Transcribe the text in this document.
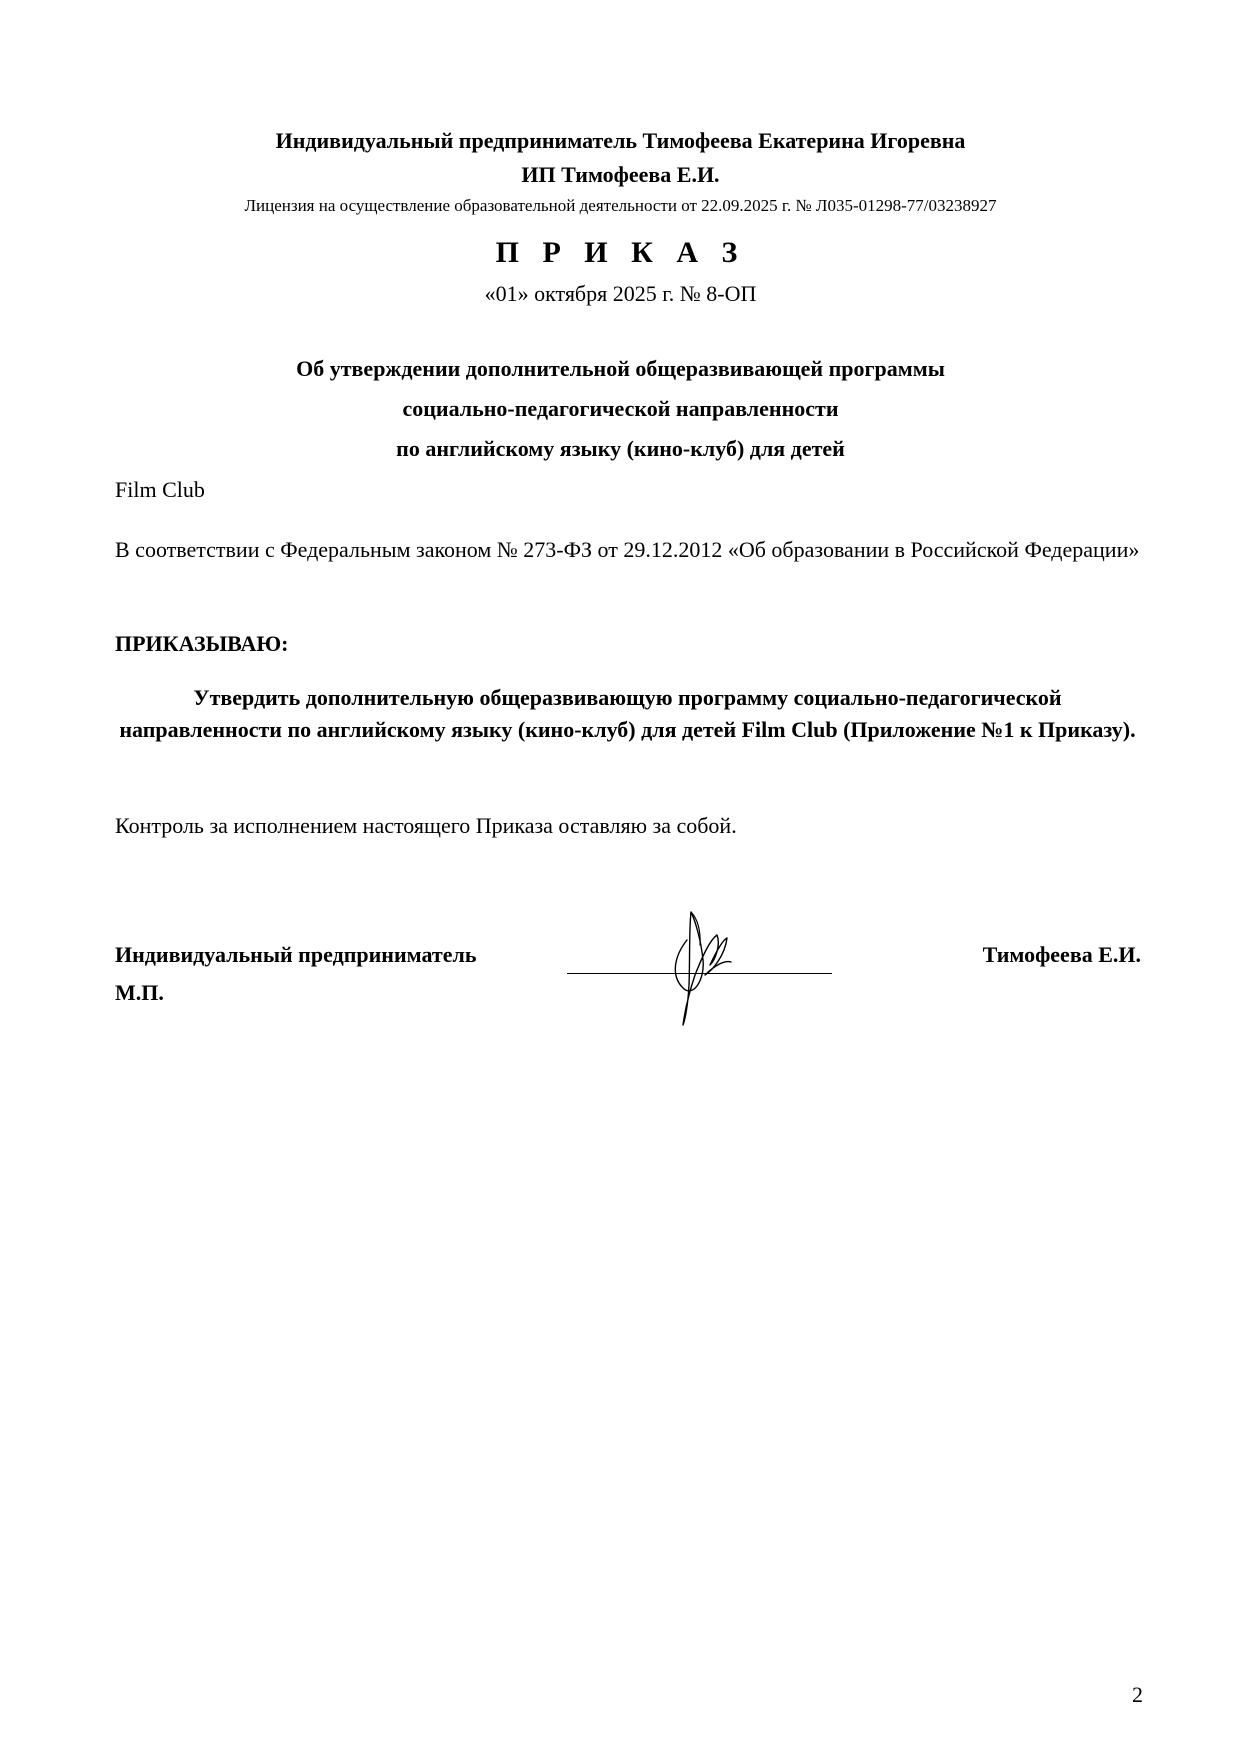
Индивидуальный предприниматель Тимофеева Екатерина Игоревна
ИП Тимофеева Е.И.
Лицензия на осуществление образовательной деятельности от 22.09.2025 г. № Л035-01298-77/03238927
П Р И К А З
«01» октября 2025 г. № 8-ОП
Об утверждении дополнительной общеразвивающей программы
социально-педагогической направленности
по английскому языку (кино-клуб) для детей
Film Club
В соответствии с Федеральным законом № 273-ФЗ от 29.12.2012 «Об образовании в Российской Федерации»
ПРИКАЗЫВАЮ:
Утвердить дополнительную общеразвивающую программу социально-педагогической направленности по английскому языку (кино-клуб) для детей Film Club (Приложение №1 к Приказу).
Контроль за исполнением настоящего Приказа оставляю за собой.
Индивидуальный предприниматель
М.П.
Тимофеева Е.И.
2
